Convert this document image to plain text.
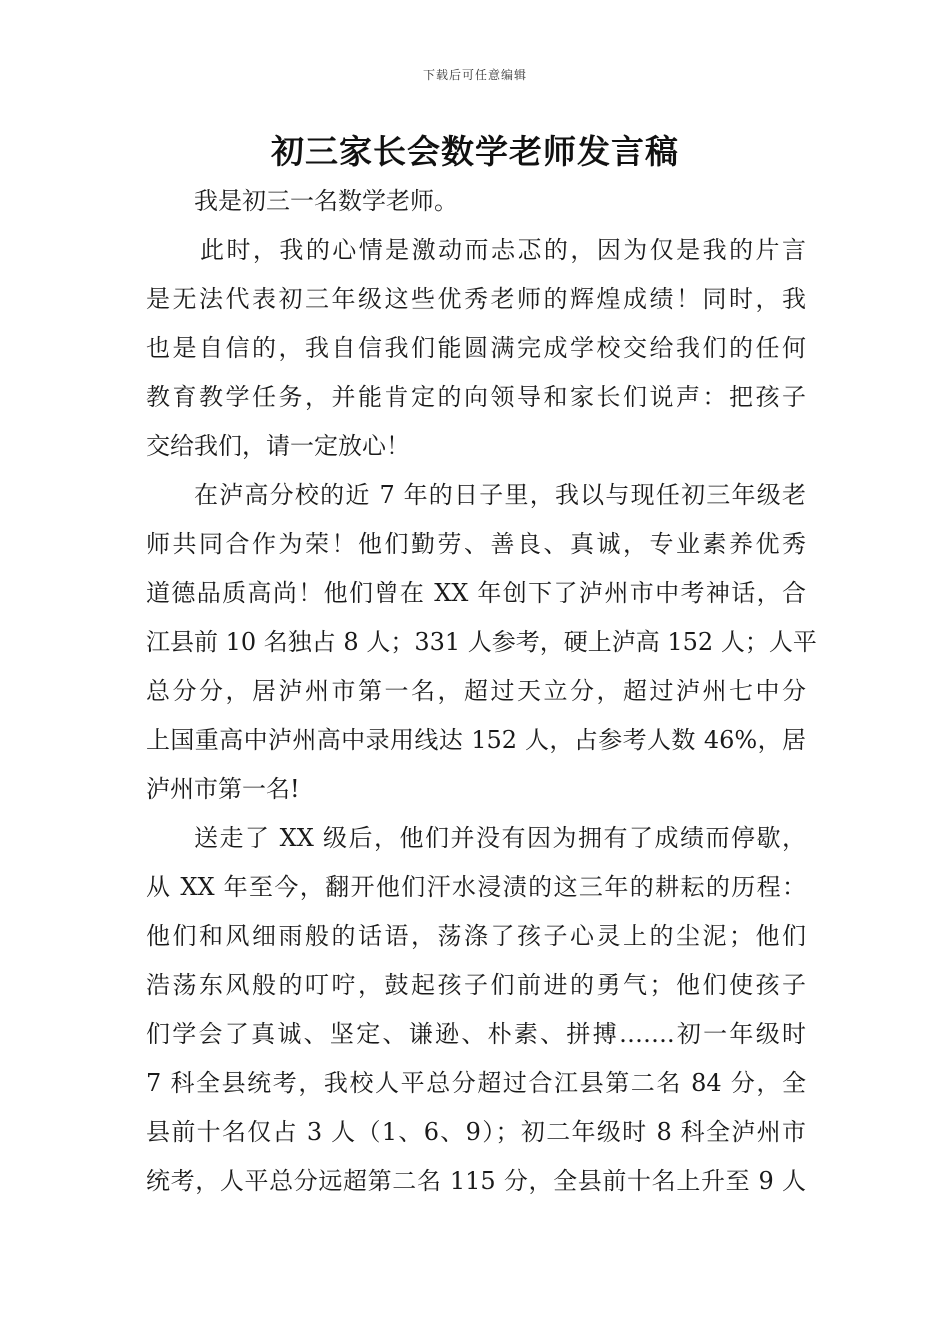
下载后可任意编辑
初三家长会数学老师发言稿
我是初三一名数学老师。
此时，我的心情是激动而忐忑的，因为仅是我的片言
是无法代表初三年级这些优秀老师的辉煌成绩！同时，我
也是自信的，我自信我们能圆满完成学校交给我们的任何
教育教学任务，并能肯定的向领导和家长们说声：把孩子
交给我们，请一定放心！
在泸高分校的近 7 年的日子里，我以与现任初三年级老
师共同合作为荣！他们勤劳、善良、真诚，专业素养优秀
道德品质高尚！他们曾在 XX 年创下了泸州市中考神话，合
江县前 10 名独占 8 人；331 人参考，硬上泸高 152 人；人平
总分分，居泸州市第一名，超过天立分，超过泸州七中分
上国重高中泸州高中录用线达 152 人，占参考人数 46%，居
泸州市第一名!
送走了 XX 级后，他们并没有因为拥有了成绩而停歇，
从 XX 年至今，翻开他们汗水浸渍的这三年的耕耘的历程：
他们和风细雨般的话语，荡涤了孩子心灵上的尘泥；他们
浩荡东风般的叮咛，鼓起孩子们前进的勇气；他们使孩子
们学会了真诚、坚定、谦逊、朴素、拼搏…….初一年级时
7 科全县统考，我校人平总分超过合江县第二名 84 分，全
县前十名仅占 3 人（1、6、9）；初二年级时 8 科全泸州市
统考，人平总分远超第二名 115 分，全县前十名上升至 9 人
